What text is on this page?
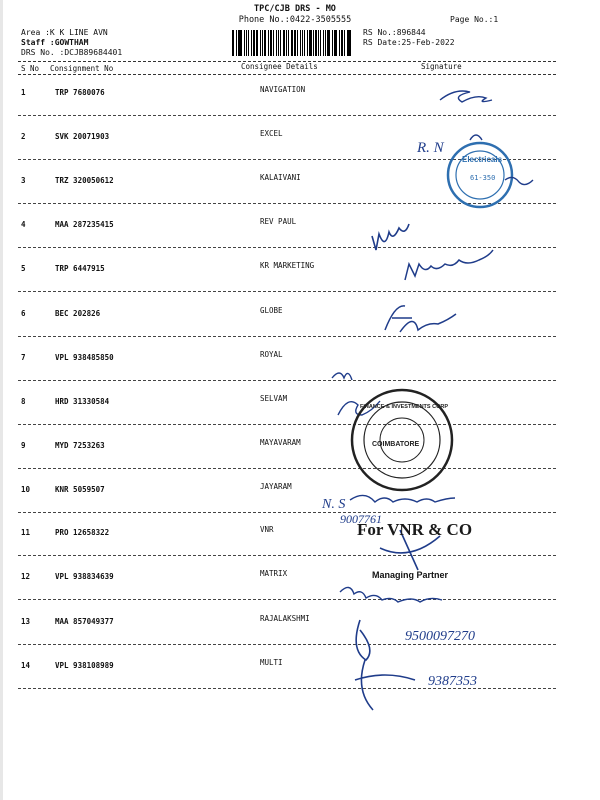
TPC/CJB DRS - MO
Phone No.:0422-3505555	Page No.:1
Area :K K LINE AVN
Staff :GOWTHAM
DRS No. :DCJB89684401
RS No.:896844
RS Date:25-Feb-2022
S No Consignment No	Consignee Details	Signature
1	TRP 7680076	NAVIGATION
2	SVK 20071903	EXCEL
3	TRZ 320050612	KALAIVANI
4	MAA 287235415	REV PAUL
5	TRP 6447915	KR MARKETING
6	BEC 202826	GLOBE
7	VPL 938485850	ROYAL
8	HRD 31330584	SELVAM
9	MYD 7253263	MAYAVARAM
10	KNR 5059507	JAYARAM
11	PRO 12658322	VNR
12	VPL 938834639	MATRIX
13	MAA 857049377	RAJALAKSHMI
14	VPL 938108989	MULTI
Electricals
61-350
R. N
COIMBATORE
FINANCE & INVESTMENTS CORP
N. S
9007761
9500097270
9387353
For VNR & CO
Managing Partner
